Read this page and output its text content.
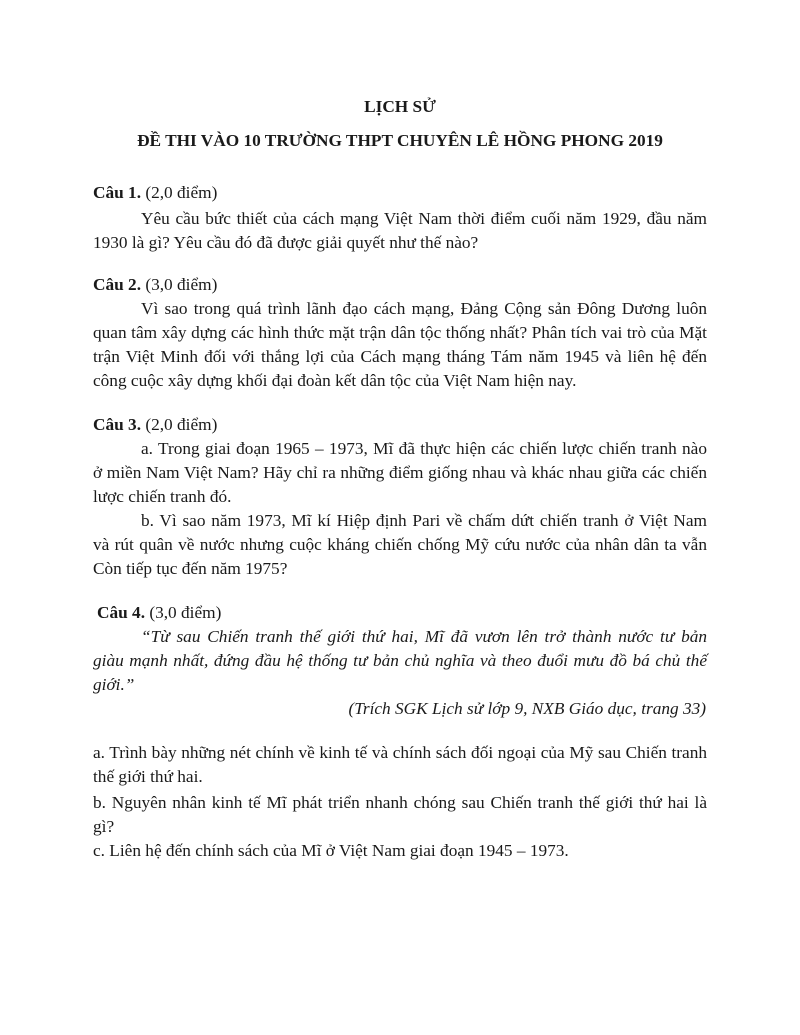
LỊCH SỬ
ĐỀ THI VÀO 10 TRƯỜNG THPT CHUYÊN LÊ HỒNG PHONG 2019
Câu 1. (2,0 điểm)
Yêu cầu bức thiết của cách mạng Việt Nam thời điểm cuối năm 1929, đầu năm
1930 là gì? Yêu cầu đó đã được giải quyết như thế nào?
Câu 2. (3,0 điểm)
Vì sao trong quá trình lãnh đạo cách mạng, Đảng Cộng sản Đông Dương luôn
quan tâm xây dựng các hình thức mặt trận dân tộc thống nhất? Phân tích vai trò của Mặt
trận Việt Minh đối với thắng lợi của Cách mạng tháng Tám năm 1945 và liên hệ đến
công cuộc xây dựng khối đại đoàn kết dân tộc của Việt Nam hiện nay.
Câu 3. (2,0 điểm)
a. Trong giai đoạn 1965 – 1973, Mĩ đã thực hiện các chiến lược chiến tranh nào
ở miền Nam Việt Nam? Hãy chỉ ra những điểm giống nhau và khác nhau giữa các chiến
lược chiến tranh đó.
b. Vì sao năm 1973, Mĩ kí Hiệp định Pari về chấm dứt chiến tranh ở Việt Nam
và rút quân về nước nhưng cuộc kháng chiến chống Mỹ cứu nước của nhân dân ta vẫn
Còn tiếp tục đến năm 1975?
Câu 4. (3,0 điểm)
“Từ sau Chiến tranh thế giới thứ hai, Mĩ đã vươn lên trở thành nước tư bản
giàu mạnh nhất, đứng đầu hệ thống tư bản chủ nghĩa và theo đuổi mưu đồ bá chủ thế
giới.”
(Trích SGK Lịch sử lớp 9, NXB Giáo dục, trang 33)
a. Trình bày những nét chính về kinh tế và chính sách đối ngoại của Mỹ sau Chiến tranh
thế giới thứ hai.
b. Nguyên nhân kinh tế Mĩ phát triển nhanh chóng sau Chiến tranh thế giới thứ hai là
gì?
c. Liên hệ đến chính sách của Mĩ ở Việt Nam giai đoạn 1945 – 1973.
